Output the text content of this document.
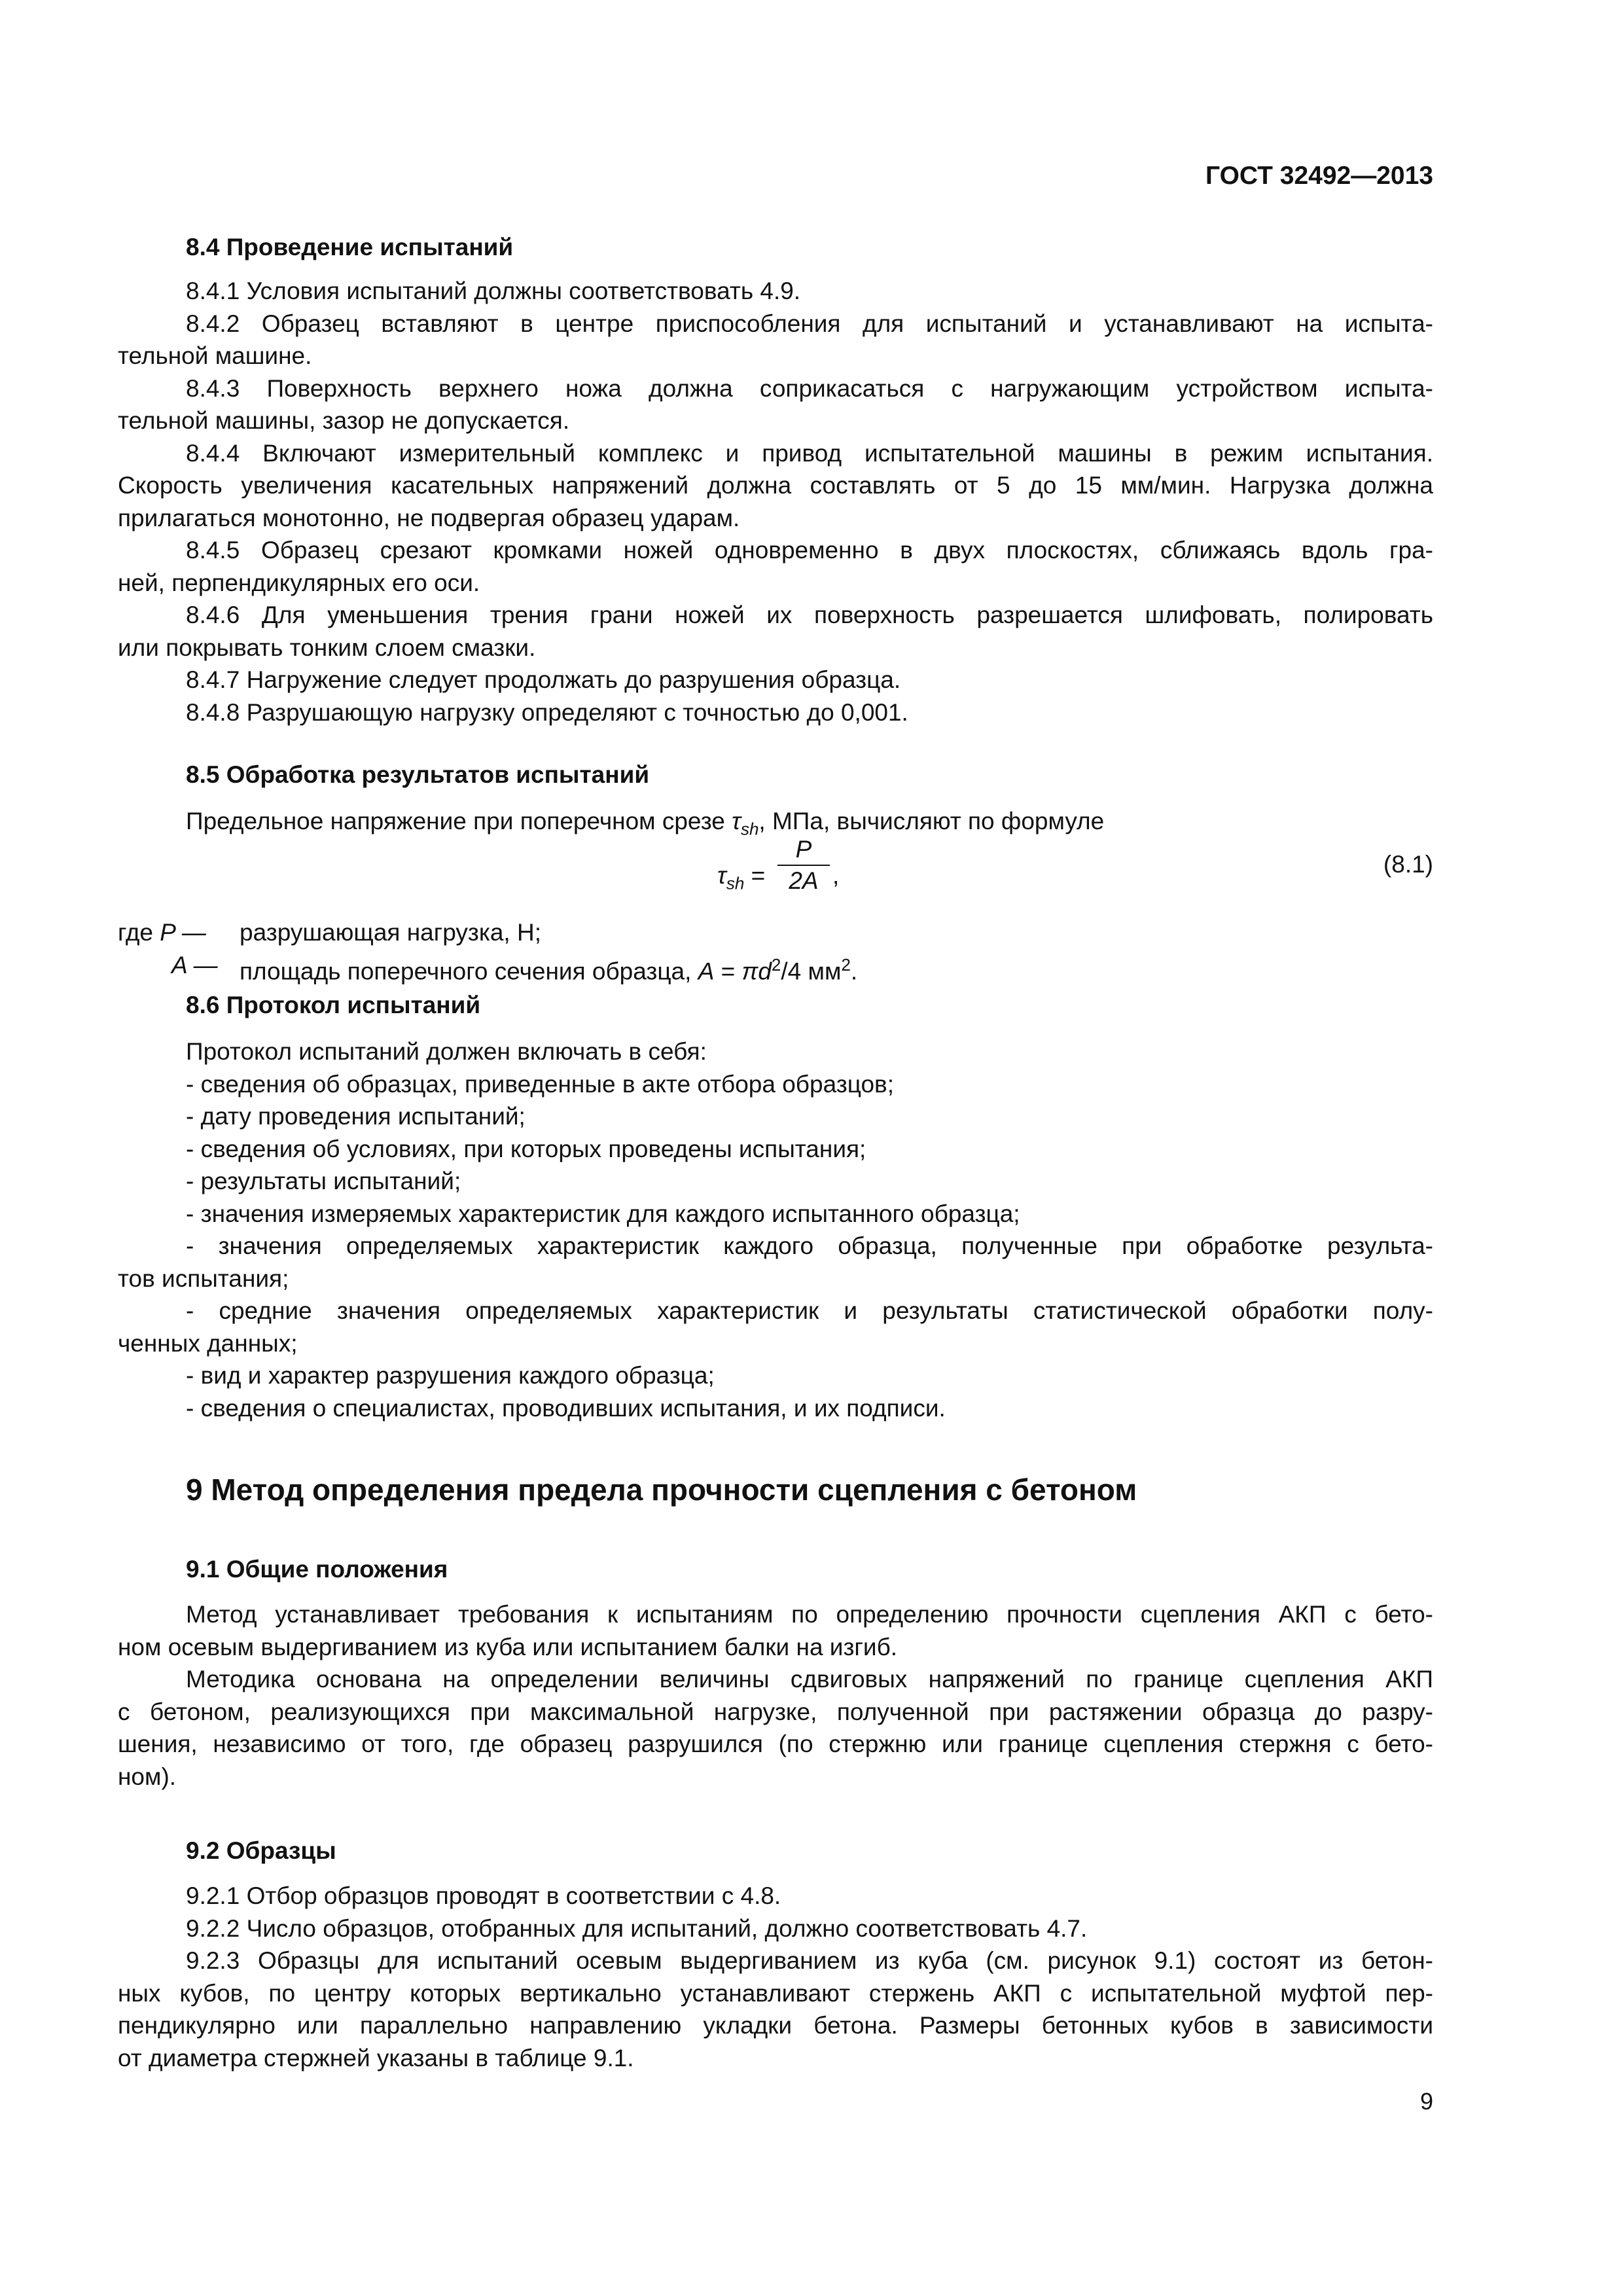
ГОСТ 32492—2013
8.4 Проведение испытаний
8.4.1 Условия испытаний должны соответствовать 4.9.
8.4.2 Образец вставляют в центре приспособления для испытаний и устанавливают на испыта-
тельной машине.
8.4.3 Поверхность верхнего ножа должна соприкасаться с нагружающим устройством испыта-
тельной машины, зазор не допускается.
8.4.4 Включают измерительный комплекс и привод испытательной машины в режим испытания.
Скорость увеличения касательных напряжений должна составлять от 5 до 15 мм/мин. Нагрузка должна
прилагаться монотонно, не подвергая образец ударам.
8.4.5 Образец срезают кромками ножей одновременно в двух плоскостях, сближаясь вдоль гра-
ней, перпендикулярных его оси.
8.4.6 Для уменьшения трения грани ножей их поверхность разрешается шлифовать, полировать
или покрывать тонким слоем смазки.
8.4.7 Нагружение следует продолжать до разрушения образца.
8.4.8 Разрушающую нагрузку определяют с точностью до 0,001.
8.5 Обработка результатов испытаний
Предельное напряжение при поперечном срезе $\tau_{sh}$, МПа, вычисляют по формуле
$\tau_{sh}$ =
P
2A ,	(8.1)
где P — разрушающая нагрузка, Н;
A — площадь поперечного сечения образца, $A = \pi d^2/4$ $мм^2$.
8.6 Протокол испытаний
Протокол испытаний должен включать в себя:
- сведения об образцах, приведенные в акте отбора образцов;
- дату проведения испытаний;
- сведения об условиях, при которых проведены испытания;
- результаты испытаний;
- значения измеряемых характеристик для каждого испытанного образца;
- значения определяемых характеристик каждого образца, полученные при обработке результа-
тов испытания;
- средние значения определяемых характеристик и результаты статистической обработки полу-
ченных данных;
- вид и характер разрушения каждого образца;
- сведения о специалистах, проводивших испытания, и их подписи.
9 Метод определения предела прочности сцепления с бетоном
9.1 Общие положения
Метод устанавливает требования к испытаниям по определению прочности сцепления АКП с бето-
ном осевым выдергиванием из куба или испытанием балки на изгиб.
Методика основана на определении величины сдвиговых напряжений по границе сцепления АКП
с бетоном, реализующихся при максимальной нагрузке, полученной при растяжении образца до разру-
шения, независимо от того, где образец разрушился (по стержню или границе сцепления стержня с бето-
ном).
9.2 Образцы
9.2.1 Отбор образцов проводят в соответствии с 4.8.
9.2.2 Число образцов, отобранных для испытаний, должно соответствовать 4.7.
9.2.3 Образцы для испытаний осевым выдергиванием из куба (см. рисунок 9.1) состоят из бетон-
ных кубов, по центру которых вертикально устанавливают стержень АКП с испытательной муфтой пер-
пендикулярно или параллельно направлению укладки бетона. Размеры бетонных кубов в зависимости
от диаметра стержней указаны в таблице 9.1.
9
